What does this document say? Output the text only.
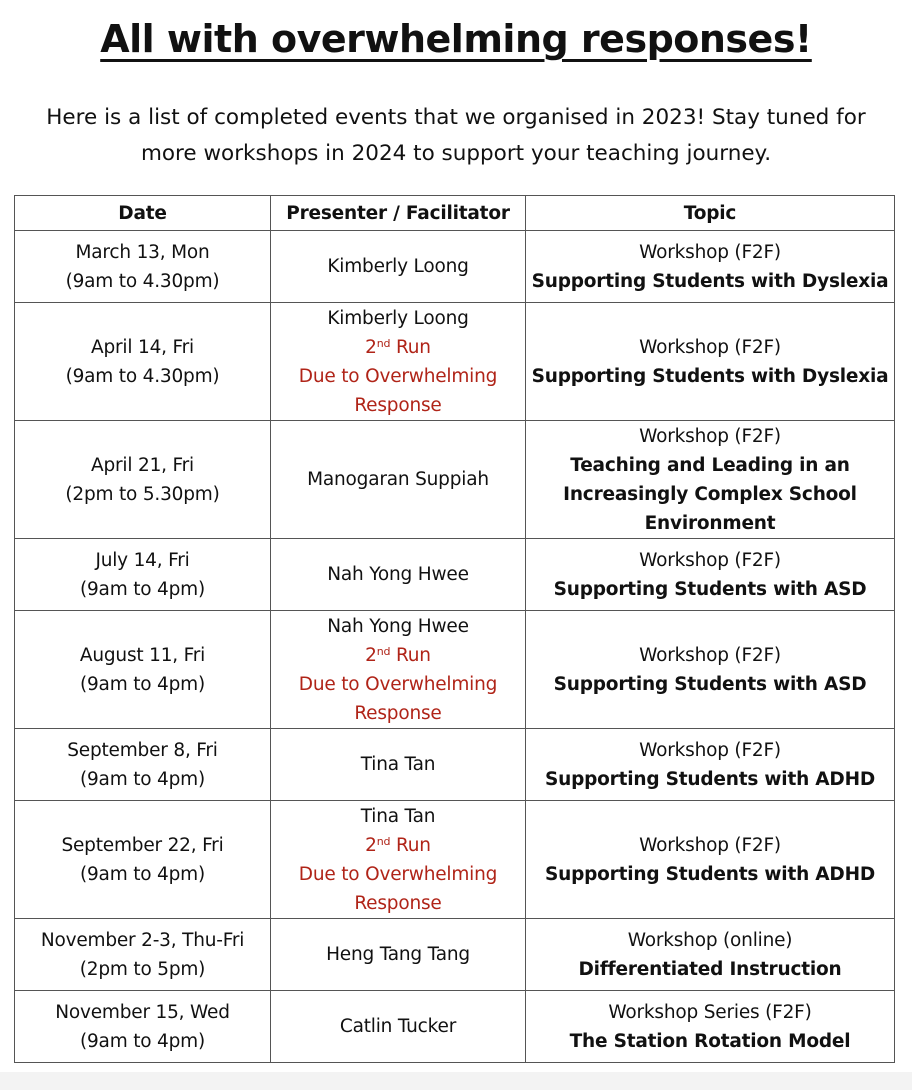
All with overwhelming responses!
Here is a list of completed events that we organised in 2023! Stay tuned for more workshops in 2024 to support your teaching journey.
Date	Presenter / Facilitator	Topic

March 13, Mon
(9am to 4.30pm)	Kimberly Loong	Workshop (F2F)
Supporting Students with Dyslexia

April 14, Fri
(9am to 4.30pm)	Kimberly Loong
2nd Run
Due to Overwhelming
Response	Workshop (F2F)
Supporting Students with Dyslexia

April 21, Fri
(2pm to 5.30pm)	Manogaran Suppiah	Workshop (F2F)
Teaching and Leading in an
Increasingly Complex School
Environment

July 14, Fri
(9am to 4pm)	Nah Yong Hwee	Workshop (F2F)
Supporting Students with ASD

August 11, Fri
(9am to 4pm)	Nah Yong Hwee
2nd Run
Due to Overwhelming
Response	Workshop (F2F)
Supporting Students with ASD

September 8, Fri
(9am to 4pm)	Tina Tan	Workshop (F2F)
Supporting Students with ADHD

September 22, Fri
(9am to 4pm)	Tina Tan
2nd Run
Due to Overwhelming
Response	Workshop (F2F)
Supporting Students with ADHD

November 2-3, Thu-Fri
(2pm to 5pm)	Heng Tang Tang	Workshop (online)
Differentiated Instruction

November 15, Wed
(9am to 4pm)	Catlin Tucker	Workshop Series (F2F)
The Station Rotation Model
